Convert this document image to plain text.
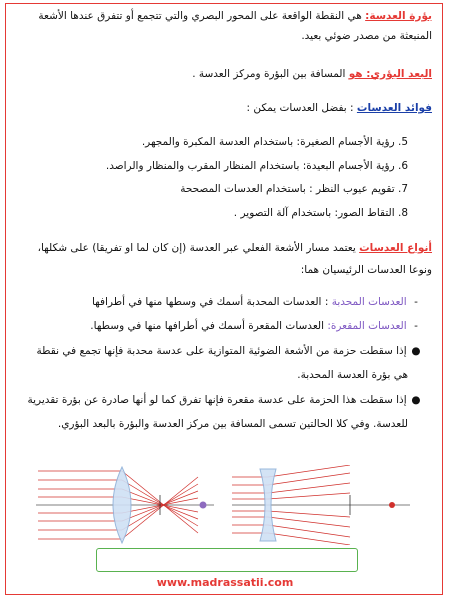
بؤرة العدسة: هي النقطة الواقعة على المحور البصري والتي تتجمع أو تتفرق عندها الأشعة
المنبعثة من مصدر ضوئي بعيد.
البعد البؤري: هو المسافة بين البؤرة ومركز العدسة .
فوائد العدسات : بفضل العدسات يمكن :
5. رؤية الأجسام الصغيرة: باستخدام العدسة المكبرة والمجهر.
6. رؤية الأجسام البعيدة: باستخدام المنظار المقرب والمنظار والراصد.
7. تقويم عيوب النظر : باستخدام العدسات المصححة
8. التقاط الصور: باستخدام آلة التصوير .
أنواع العدسات يعتمد مسار الأشعة الفعلي عبر العدسة (إن كان لما او تفريقا) على شكلها،
ونوعا العدسات الرئيسيان هما:
- العدسات المحدبة : العدسات المحدبة أسمك في وسطها منها في أطرافها
- العدسات المقعرة: العدسات المقعرة أسمك في أطرافها منها في وسطها.
● إذا سقطت حزمة من الأشعة الضوئية المتوازية على عدسة محدبة فإنها تجمع في نقطة
هي بؤرة العدسة المحدبة.
● إذا سقطت هذا الحزمة على عدسة مقعرة فإنها تفرق كما لو أنها صادرة عن بؤرة تقديرية
للعدسة. وفي كلا الحالتين تسمى المسافة بين مركز العدسة والبؤرة بالبعد البؤري.
www.madrassatii.com
